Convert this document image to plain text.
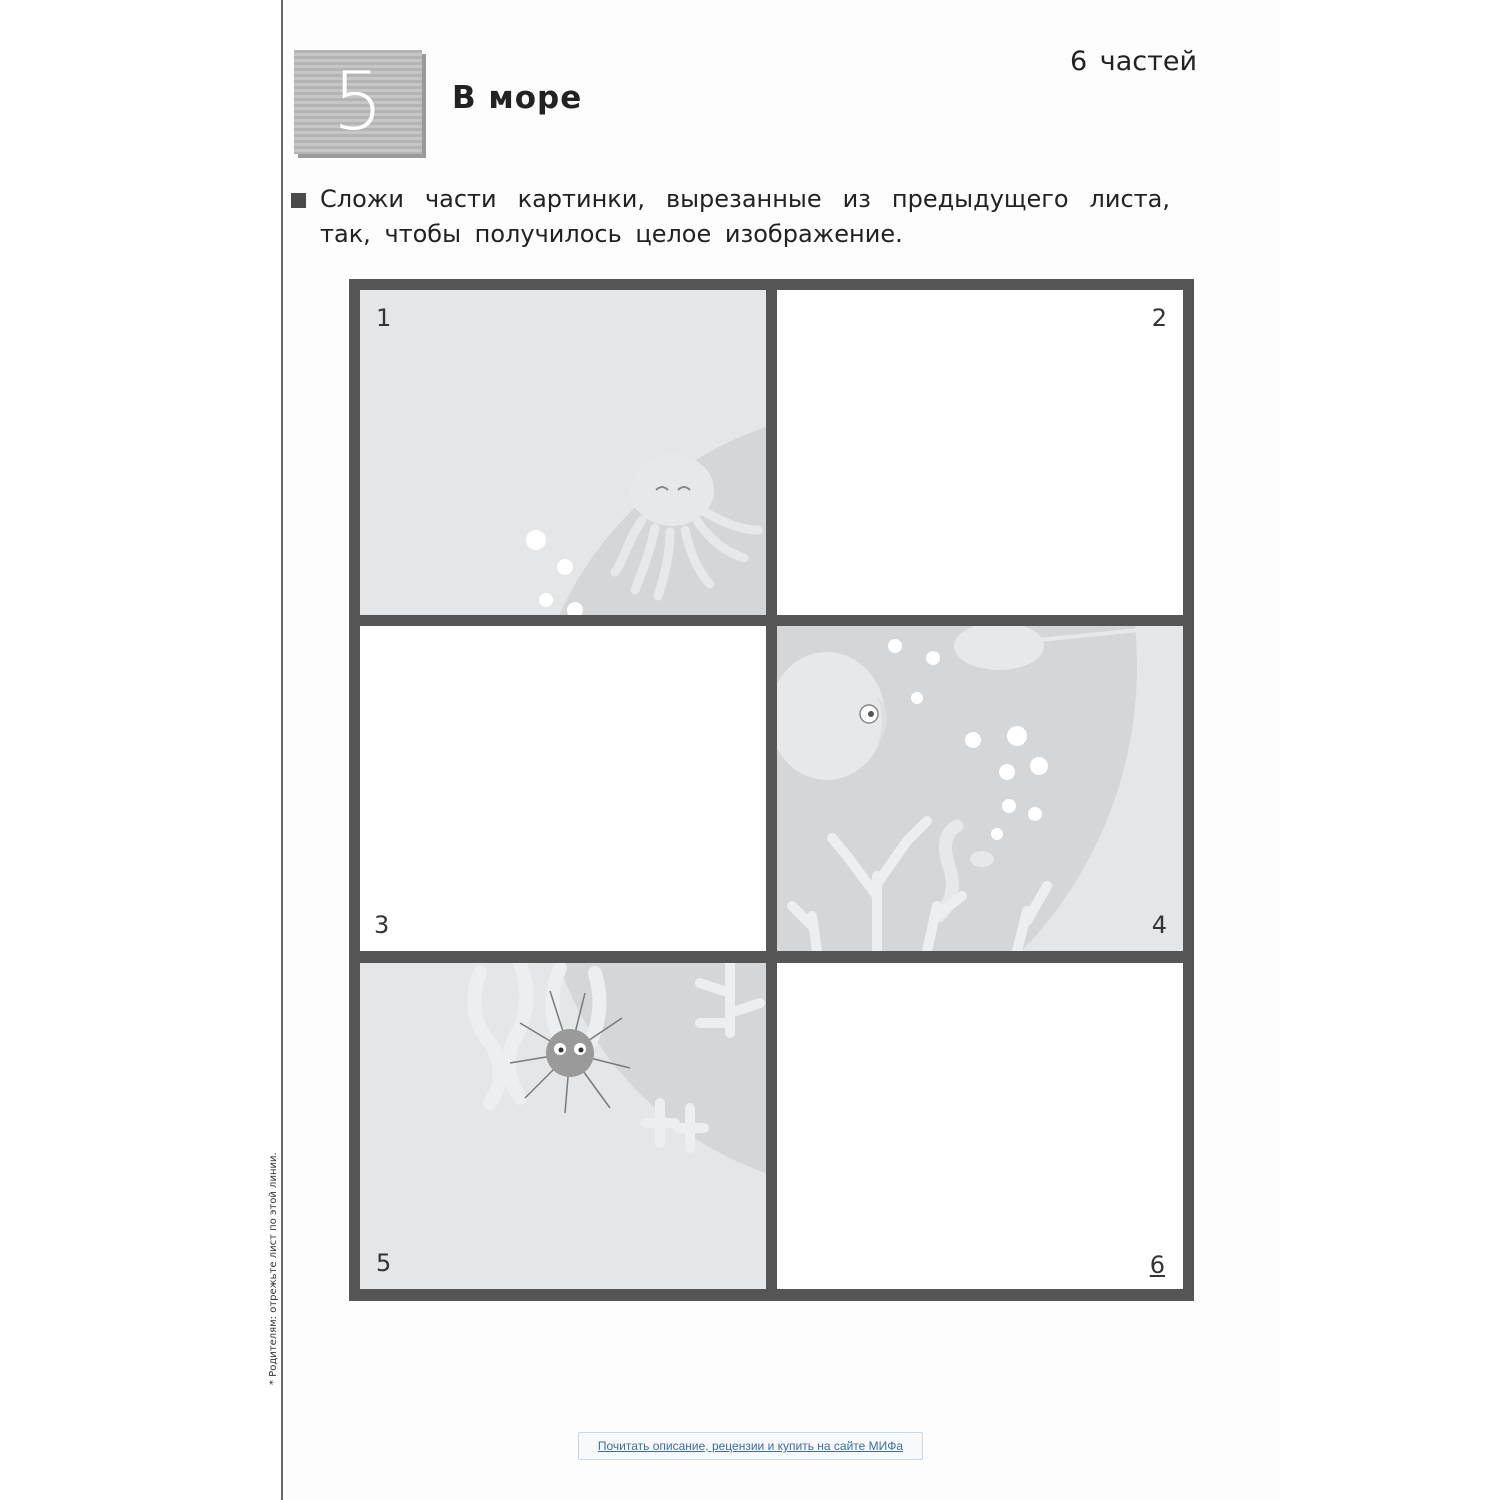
* Родителям: отрежьте лист по этой линии.
5	В море
6 частей
Сложи части картинки, вырезанные из предыдущего листа, так, чтобы получилось целое изображение.
1	2
3	4
5	6
Почитать описание, рецензии и купить на сайте МИФа
